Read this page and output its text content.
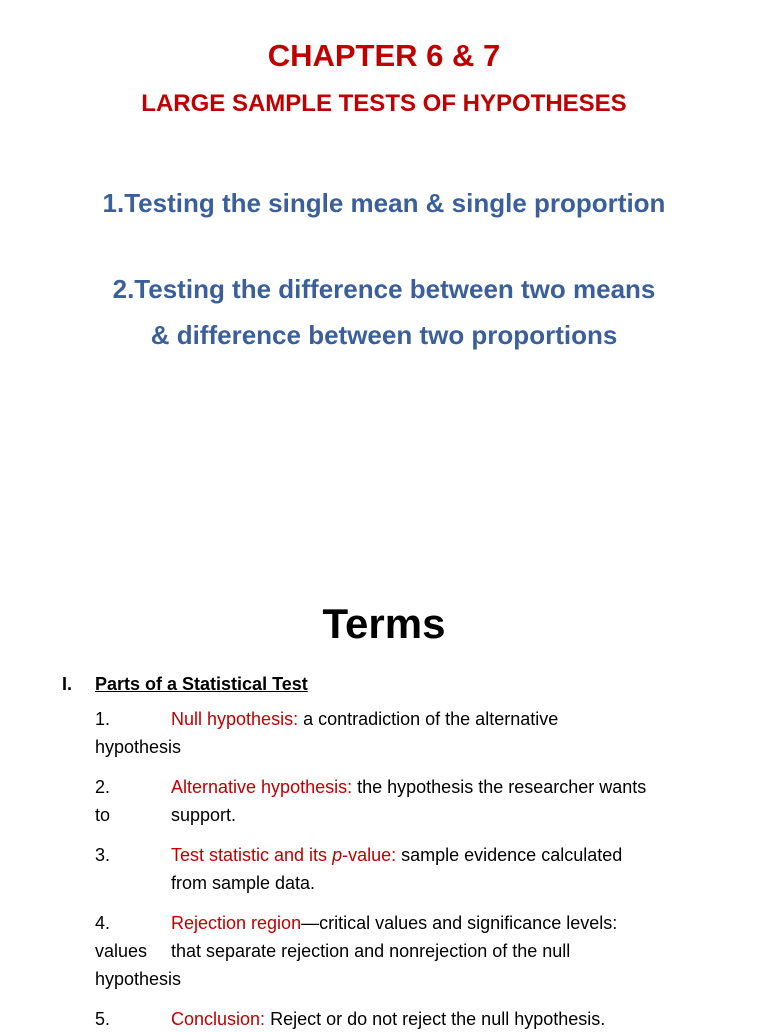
CHAPTER 6 & 7
LARGE SAMPLE TESTS OF HYPOTHESES
1.Testing the single mean & single proportion
2.Testing the difference between two means
& difference between two proportions
Terms
I. Parts of a Statistical Test
1.	Null hypothesis: a contradiction of the alternative
hypothesis
2.	Alternative hypothesis: the hypothesis the researcher wants
to	support.
3.	Test statistic and its p-value: sample evidence calculated
from sample data.
4.	Rejection region—critical values and significance levels:
values	that separate rejection and nonrejection of the null
hypothesis
5.	Conclusion: Reject or do not reject the null hypothesis.
